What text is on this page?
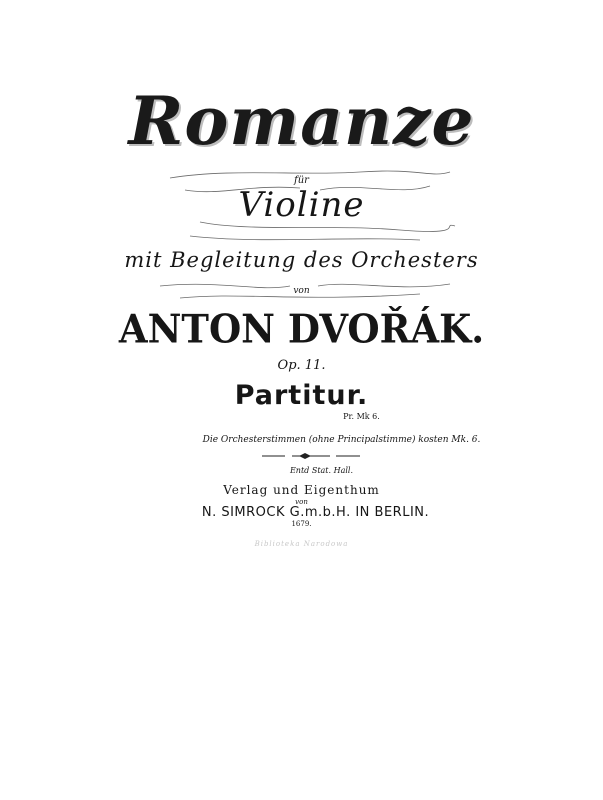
Romanze
für
Violine
mit Begleitung des Orchesters
von
ANTON DVOŘÁK.
Op. 11.
Partitur.
Pr. Mk 6.
Die Orchesterstimmen (ohne Principalstimme) kosten Mk. 6.
Entd Stat. Hall.
Verlag und Eigenthum
von
N. SIMROCK G.m.b.H. IN BERLIN.
1679.
Biblioteka Narodowa
